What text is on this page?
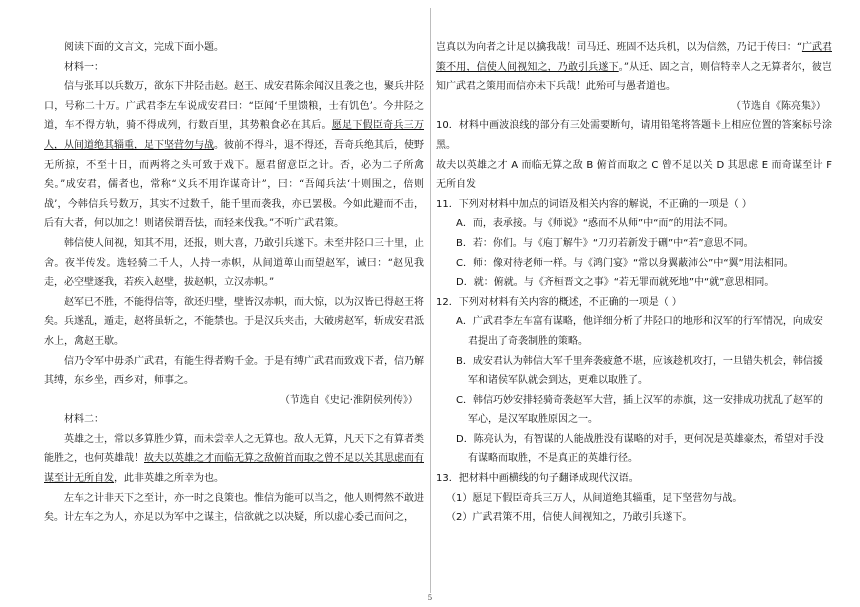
阅读下面的文言文，完成下面小题。

材料一：

信与张耳以兵数万，欲东下井陉击赵。赵王、成安君陈余闻汉且袭之也，聚兵井陉口，号称二十万。广武君李左车说成安君曰：“臣闻‘千里馈粮，士有饥色’。今井陉之道，车不得方轨，骑不得成列，行数百里，其势粮食必在其后。愿足下假臣奇兵三万人，从间道绝其辎重，足下坚营勿与战。彼前不得斗，退不得还，吾奇兵绝其后，使野无所掠，不至十日，而两将之头可致于戏下。愿君留意臣之计。否，必为二子所禽矣。”成安君，儒者也，常称“义兵不用诈谋奇计”，曰：“吾闻兵法‘十则围之，倍则战’，今韩信兵号数万，其实不过数千，能千里而袭我，亦已罢极。今如此避而不击，后有大者，何以加之！则诸侯谓吾怯，而轻来伐我。”不听广武君策。

韩信使人间视，知其不用，还报，则大喜，乃敢引兵遂下。未至井陉口三十里，止舍。夜半传发。选轻骑二千人，人持一赤帜，从间道萆山而望赵军，诫曰：“赵见我走，必空壁逐我，若疾入赵壁，拔赵帜，立汉赤帜。”

赵军已不胜，不能得信等，欲还归壁，壁皆汉赤帜，而大惊，以为汉皆已得赵王将矣。兵遂乱，遁走，赵将虽斩之，不能禁也。于是汉兵夹击，大破虏赵军，斩成安君泜水上，禽赵王歇。

信乃令军中毋杀广武君，有能生得者购千金。于是有缚广武君而致戏下者，信乃解其缚，东乡坐，西乡对，师事之。

（节选自《史记·淮阴侯列传》）

材料二：

英雄之士，常以多算胜少算，而未尝幸人之无算也。敌人无算，凡天下之有算者类能胜之，也何英雄哉！故夫以英雄之才而临无算之敌俯首而取之曾不足以关其思虑而有谋至计无所自发，此非英雄之所幸为也。

左车之计非天下之至计，亦一时之良策也。惟信为能可以当之，他人则愕然不敢进矣。计左车之为人，亦足以为军中之谋主，信欲就之以决疑，所以虚心委己而问之，

岂真以为向者之计足以擒我哉！司马迁、班固不达兵机，以为信然，乃记于传曰：“广武君策不用，信使人间视知之，乃敢引兵遂下。”从迁、固之言，则信特幸人之无算者尔，彼岂知广武君之策用而信亦未下兵哉！此殆可与愚者道也。

（节选自《陈亮集》）

10．材料中画波浪线的部分有三处需要断句，请用铅笔将答题卡上相应位置的答案标号涂黑。

故夫以英雄之才 A 而临无算之敌 B 俯首而取之 C 曾不足以关 D 其思虑 E 而奇谋至计 F 无所自发

11．下列对材料中加点的词语及相关内容的解说，不正确的一项是（ ）

A．而，表承接。与《师说》“惑而不从师”中“而”的用法不同。

B．若：你们。与《庖丁解牛》“刀刃若新发于硎”中“若”意思不同。

C．师：像对待老师一样。与《鸿门宴》“常以身翼蔽沛公”中“翼”用法相同。

D．就：俯就。与《齐桓晋文之事》“若无罪而就死地”中“就”意思相同。

12．下列对材料有关内容的概述，不正确的一项是（ ）

A．广武君李左车富有谋略，他详细分析了井陉口的地形和汉军的行军情况，向成安

君提出了奇袭制胜的策略。

B．成安君认为韩信大军千里奔袭疲惫不堪，应该趁机攻打，一旦错失机会，韩信援

军和诸侯军队就会到达，更难以取胜了。

C．韩信巧妙安排轻骑奇袭赵军大营，插上汉军的赤旗，这一安排成功扰乱了赵军的

军心，是汉军取胜原因之一。

D．陈亮认为，有智谋的人能战胜没有谋略的对手，更何况是英雄豪杰，希望对手没

有谋略而取胜，不是真正的英雄行径。

13．把材料中画横线的句子翻译成现代汉语。

（1）愿足下假臣奇兵三万人，从间道绝其辎重，足下坚营勿与战。

（2）广武君策不用，信使人间视知之，乃敢引兵遂下。

5
